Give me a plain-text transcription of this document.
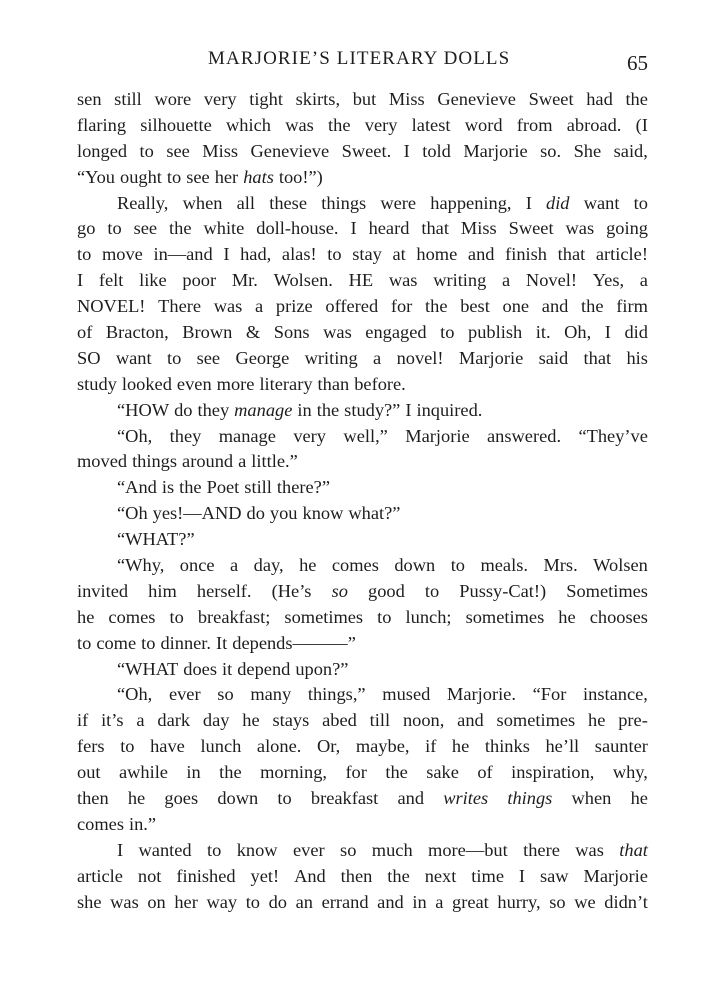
MARJORIE’S LITERARY DOLLS	65
sen still wore very tight skirts, but Miss Genevieve Sweet had the
flaring silhouette which was the very latest word from abroad. (I
longed to see Miss Genevieve Sweet. I told Marjorie so. She said,
“You ought to see her hats too!”)
Really, when all these things were happening, I did want to
go to see the white doll-house. I heard that Miss Sweet was going
to move in—and I had, alas! to stay at home and finish that article!
I felt like poor Mr. Wolsen. HE was writing a Novel! Yes, a
NOVEL! There was a prize offered for the best one and the firm
of Bracton, Brown & Sons was engaged to publish it. Oh, I did
SO want to see George writing a novel! Marjorie said that his
study looked even more literary than before.
“HOW do they manage in the study?” I inquired.
“Oh, they manage very well,” Marjorie answered. “They’ve
moved things around a little.”
“And is the Poet still there?”
“Oh yes!—AND do you know what?”
“WHAT?”
“Why, once a day, he comes down to meals. Mrs. Wolsen
invited him herself. (He’s so good to Pussy-Cat!) Sometimes
he comes to breakfast; sometimes to lunch; sometimes he chooses
to come to dinner. It depends———”
“WHAT does it depend upon?”
“Oh, ever so many things,” mused Marjorie. “For instance,
if it’s a dark day he stays abed till noon, and sometimes he pre-
fers to have lunch alone. Or, maybe, if he thinks he’ll saunter
out awhile in the morning, for the sake of inspiration, why,
then he goes down to breakfast and writes things when he
comes in.”
I wanted to know ever so much more—but there was that
article not finished yet! And then the next time I saw Marjorie
she was on her way to do an errand and in a great hurry, so we didn’t
